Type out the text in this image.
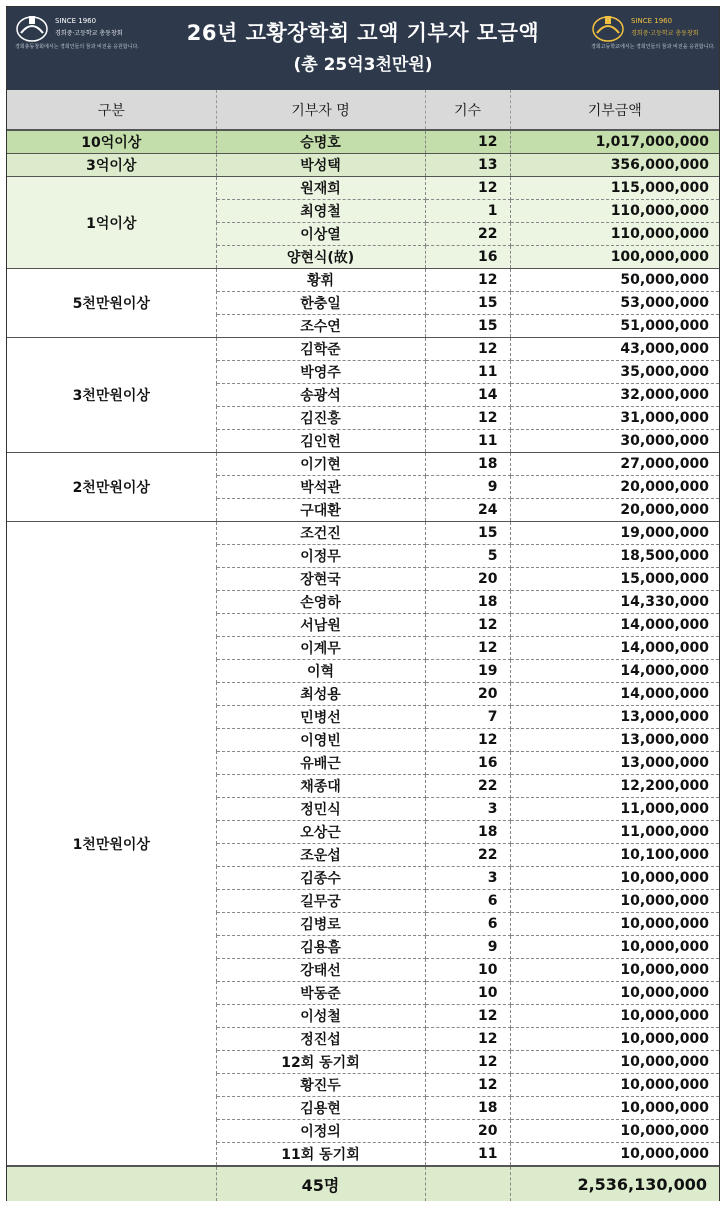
SINCE 1960
경희중·고등학교 총동창회
경희총동창회에서는 경희인들의 꿈과 비전을 응원합니다.
26년 고황장학회 고액 기부자 모금액
(총 25억3천만원)
SINCE 1960
경희중·고등학교 총동창회
경희고등학교에서는 경희인들의 꿈과 비전을 응원합니다.
구분	기부자 명	기수	기부금액
10억이상	승명호	12	1,017,000,000
3억이상	박성택	13	356,000,000
1억이상	원재희	12	115,000,000
	최영철	1	110,000,000
	이상열	22	110,000,000
	양현식(故)	16	100,000,000
5천만원이상	황휘	12	50,000,000
	한충일	15	53,000,000
	조수연	15	51,000,000
3천만원이상	김학준	12	43,000,000
	박영주	11	35,000,000
	송광석	14	32,000,000
	김진홍	12	31,000,000
	김인헌	11	30,000,000
2천만원이상	이기현	18	27,000,000
	박석관	9	20,000,000
	구대환	24	20,000,000
1천만원이상	조건진	15	19,000,000
	이정무	5	18,500,000
	장현국	20	15,000,000
	손영하	18	14,330,000
	서남원	12	14,000,000
	이계무	12	14,000,000
	이혁	19	14,000,000
	최성용	20	14,000,000
	민병선	7	13,000,000
	이영빈	12	13,000,000
	유배근	16	13,000,000
	채종대	22	12,200,000
	정민식	3	11,000,000
	오상근	18	11,000,000
	조운섭	22	10,100,000
	김종수	3	10,000,000
	길무궁	6	10,000,000
	김병로	6	10,000,000
	김용흠	9	10,000,000
	강태선	10	10,000,000
	박동준	10	10,000,000
	이성철	12	10,000,000
	정진섭	12	10,000,000
	12회 동기회	12	10,000,000
	황진두	12	10,000,000
	김용현	18	10,000,000
	이정의	20	10,000,000
	11회 동기회	11	10,000,000
	45명		2,536,130,000
